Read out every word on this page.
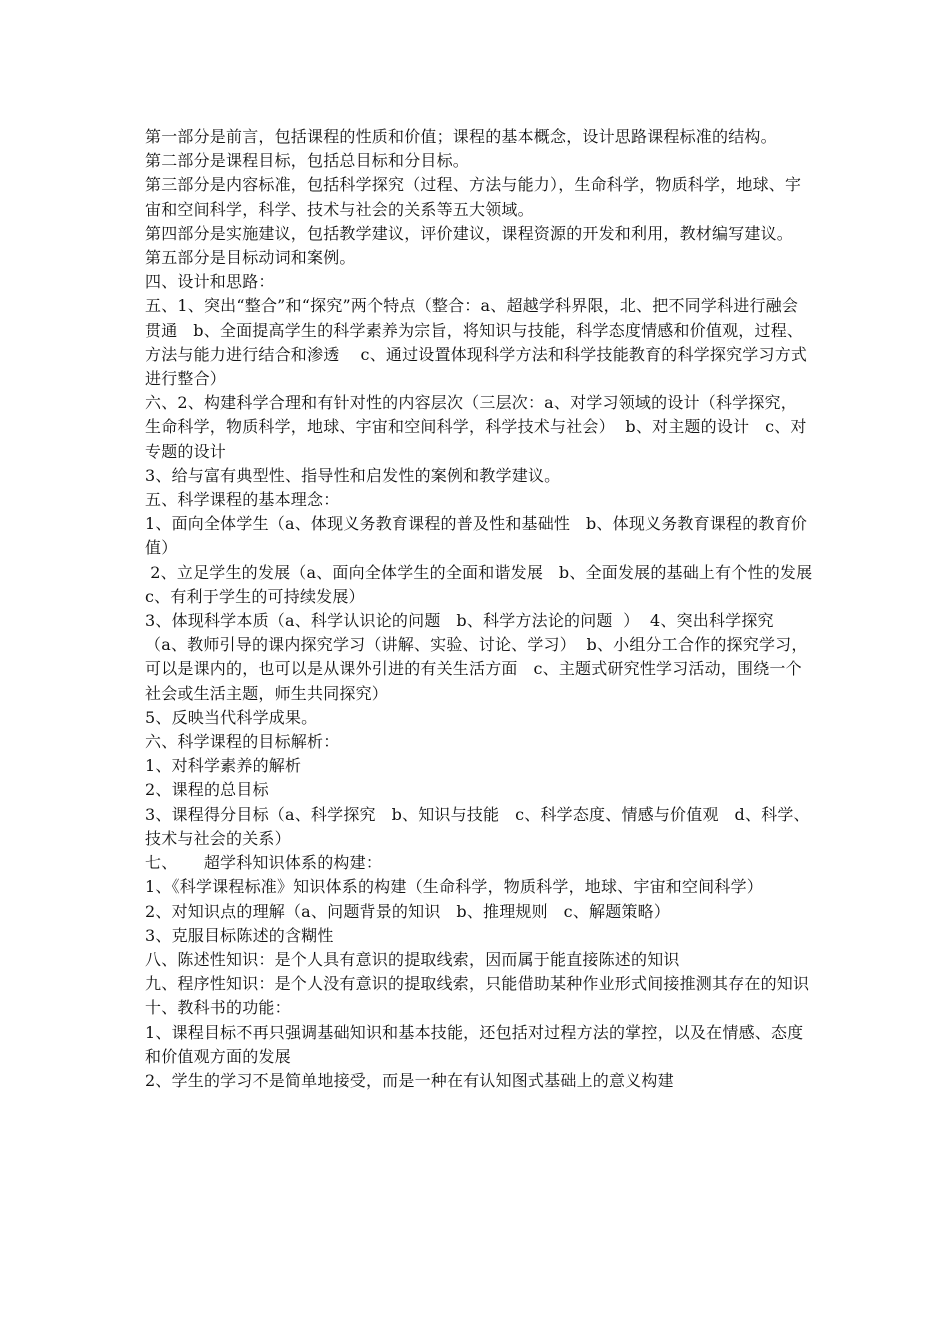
第一部分是前言，包括课程的性质和价值；课程的基本概念，设计思路课程标准的结构。

第二部分是课程目标，包括总目标和分目标。

第三部分是内容标准，包括科学探究（过程、方法与能力），生命科学，物质科学，地球、宇宙和空间科学，科学、技术与社会的关系等五大领域。

第四部分是实施建议，包括教学建议，评价建议，课程资源的开发和利用，教材编写建议。

第五部分是目标动词和案例。

四、设计和思路：

五、1、突出“整合”和“探究”两个特点（整合：a、超越学科界限，北、把不同学科进行融会贯通   b、全面提高学生的科学素养为宗旨，将知识与技能，科学态度情感和价值观，过程、方法与能力进行结合和渗透    c、通过设置体现科学方法和科学技能教育的科学探究学习方式进行整合）

六、2、构建科学合理和有针对性的内容层次（三层次：a、对学习领域的设计（科学探究，生命科学，物质科学，地球、宇宙和空间科学，科学技术与社会）  b、对主题的设计   c、对专题的设计

3、给与富有典型性、指导性和启发性的案例和教学建议。

五、科学课程的基本理念：

1、面向全体学生（a、体现义务教育课程的普及性和基础性   b、体现义务教育课程的教育价值）

2、立足学生的发展（a、面向全体学生的全面和谐发展   b、全面发展的基础上有个性的发展   c、有利于学生的可持续发展）

3、体现科学本质（a、科学认识论的问题   b、科学方法论的问题  ）  4、突出科学探究（a、教师引导的课内探究学习（讲解、实验、讨论、学习）  b、小组分工合作的探究学习，可以是课内的，也可以是从课外引进的有关生活方面   c、主题式研究性学习活动，围绕一个社会或生活主题，师生共同探究）

5、反映当代科学成果。

六、科学课程的目标解析：

1、对科学素养的解析

2、课程的总目标

3、课程得分目标（a、科学探究   b、知识与技能   c、科学态度、情感与价值观   d、科学、技术与社会的关系）

七、     超学科知识体系的构建：

1、《科学课程标准》知识体系的构建（生命科学，物质科学，地球、宇宙和空间科学）

2、对知识点的理解（a、问题背景的知识   b、推理规则   c、解题策略）

3、克服目标陈述的含糊性

八、陈述性知识：是个人具有意识的提取线索，因而属于能直接陈述的知识

九、程序性知识：是个人没有意识的提取线索，只能借助某种作业形式间接推测其存在的知识

十、教科书的功能：

1、课程目标不再只强调基础知识和基本技能，还包括对过程方法的掌控，以及在情感、态度和价值观方面的发展

2、学生的学习不是简单地接受，而是一种在有认知图式基础上的意义构建
